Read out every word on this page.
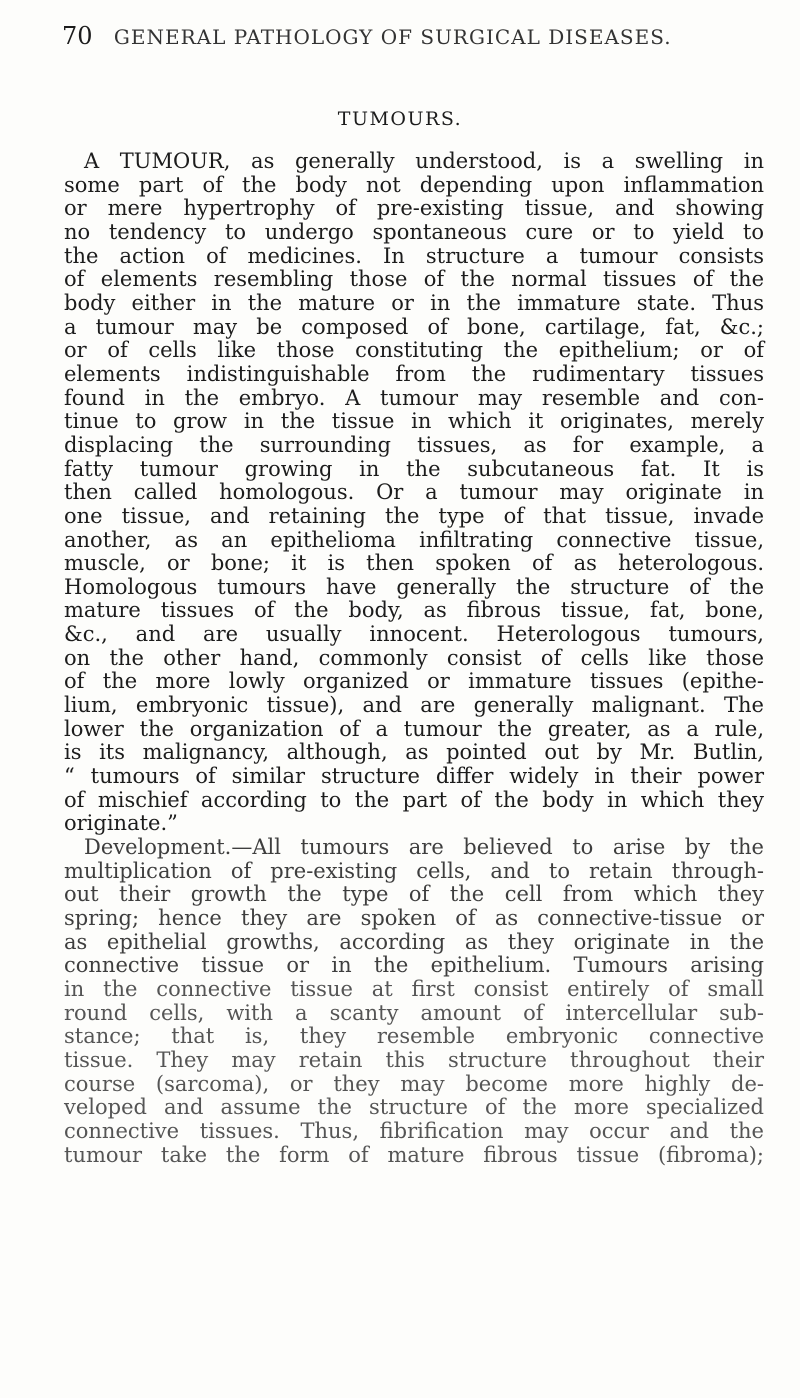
70 GENERAL PATHOLOGY OF SURGICAL DISEASES.
TUMOURS.
A TUMOUR, as generally understood, is a swelling in
some part of the body not depending upon inflammation
or mere hypertrophy of pre-existing tissue, and showing
no tendency to undergo spontaneous cure or to yield to
the action of medicines. In structure a tumour consists
of elements resembling those of the normal tissues of the
body either in the mature or in the immature state. Thus
a tumour may be composed of bone, cartilage, fat, &c.;
or of cells like those constituting the epithelium; or of
elements indistinguishable from the rudimentary tissues
found in the embryo. A tumour may resemble and con-
tinue to grow in the tissue in which it originates, merely
displacing the surrounding tissues, as for example, a
fatty tumour growing in the subcutaneous fat. It is
then called homologous. Or a tumour may originate in
one tissue, and retaining the type of that tissue, invade
another, as an epithelioma infiltrating connective tissue,
muscle, or bone; it is then spoken of as heterologous.
Homologous tumours have generally the structure of the
mature tissues of the body, as fibrous tissue, fat, bone,
&c., and are usually innocent. Heterologous tumours,
on the other hand, commonly consist of cells like those
of the more lowly organized or immature tissues (epithe-
lium, embryonic tissue), and are generally malignant. The
lower the organization of a tumour the greater, as a rule,
is its malignancy, although, as pointed out by Mr. Butlin,
“ tumours of similar structure differ widely in their power
of mischief according to the part of the body in which they
originate.”
Development.—All tumours are believed to arise by the
multiplication of pre-existing cells, and to retain through-
out their growth the type of the cell from which they
spring; hence they are spoken of as connective-tissue or
as epithelial growths, according as they originate in the
connective tissue or in the epithelium. Tumours arising
in the connective tissue at first consist entirely of small
round cells, with a scanty amount of intercellular sub-
stance; that is, they resemble embryonic connective
tissue. They may retain this structure throughout their
course (sarcoma), or they may become more highly de-
veloped and assume the structure of the more specialized
connective tissues. Thus, fibrification may occur and the
tumour take the form of mature fibrous tissue (fibroma);
